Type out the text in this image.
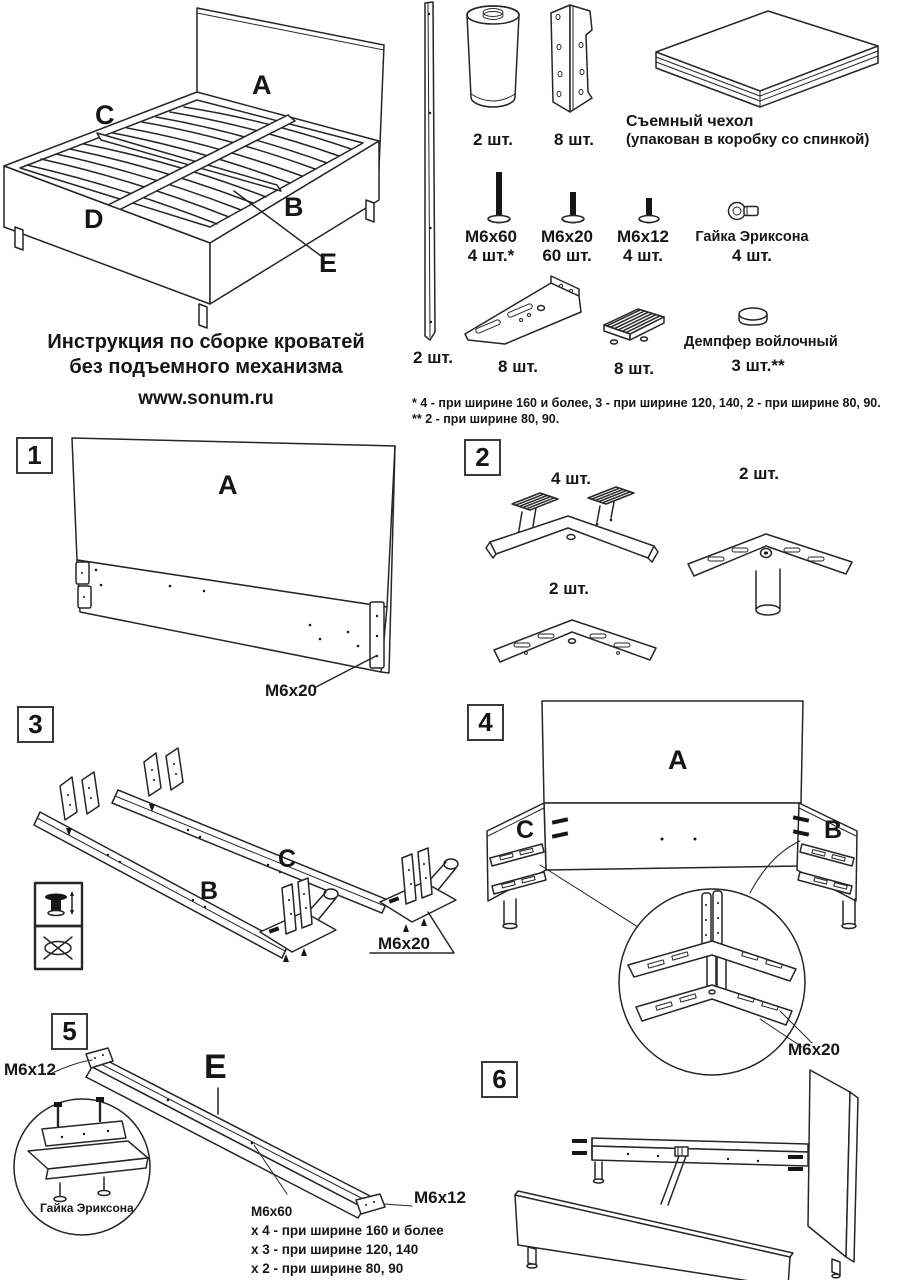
A
C
D	B
E
Инструкция по сборке кроватей
без подъемного механизма
www.sonum.ru
2 шт.
2 шт.	8 шт.
Съемный чехол
(упакован в коробку со спинкой)
M6x60
4 шт.*
M6x20
60 шт.
M6x12
4 шт.
Гайка Эриксона
4 шт.
8 шт.	8 шт.
Демпфер войлочный
3 шт.**
* 4 - при ширине 160 и более, 3 - при ширине 120, 140, 2 - при ширине 80, 90.
** 2 - при ширине 80, 90.
1
A
M6x20
2
4 шт.
2 шт.
2 шт.
3
C
B
M6x20
4
A
C	B
M6x20
5
M6x12	E
Гайка Эриксона
M6x12
M6x60
x 4 - при ширине 160 и более
x 3 - при ширине 120, 140
x 2 - при ширине 80, 90
6
